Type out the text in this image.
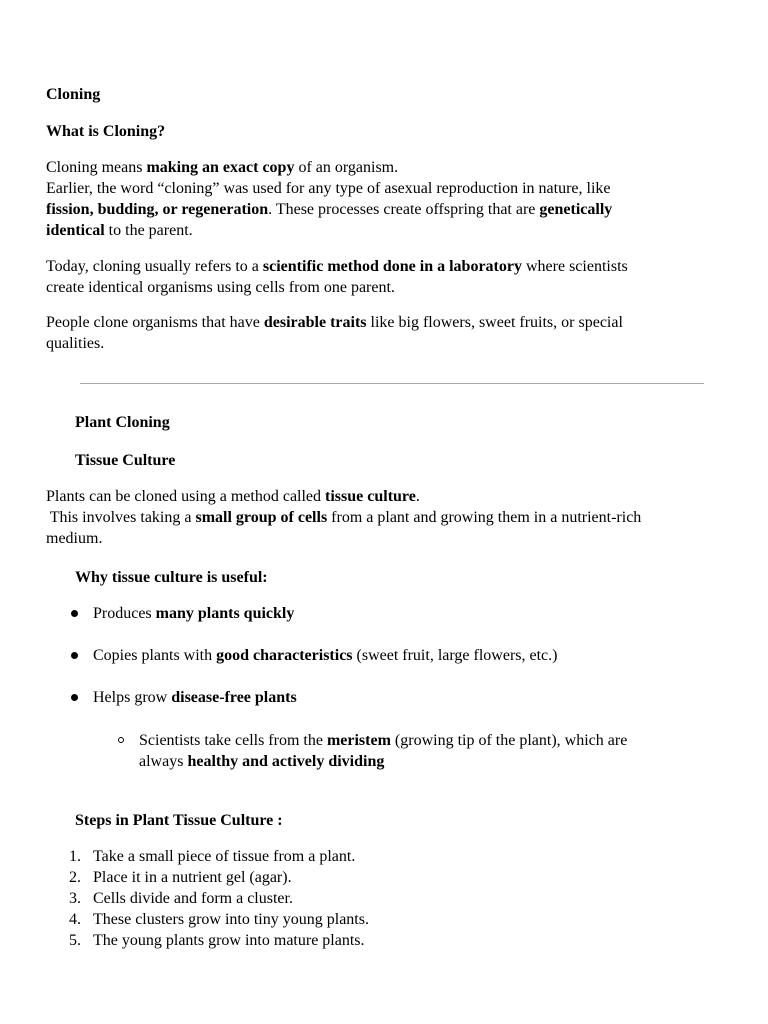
Cloning

What is Cloning?

Cloning means making an exact copy of an organism.

Earlier, the word “cloning” was used for any type of asexual reproduction in nature, like

fission, budding, or regeneration. These processes create offspring that are genetically

identical to the parent.

Today, cloning usually refers to a scientific method done in a laboratory where scientists

create identical organisms using cells from one parent.

People clone organisms that have desirable traits like big flowers, sweet fruits, or special

qualities.

Plant Cloning

Tissue Culture

Plants can be cloned using a method called tissue culture.

This involves taking a small group of cells from a plant and growing them in a nutrient-rich

medium.

Why tissue culture is useful:

Produces many plants quickly

Copies plants with good characteristics (sweet fruit, large flowers, etc.)

Helps grow disease-free plants

Scientists take cells from the meristem (growing tip of the plant), which are

always healthy and actively dividing

Steps in Plant Tissue Culture :

1. Take a small piece of tissue from a plant.

2. Place it in a nutrient gel (agar).

3. Cells divide and form a cluster.

4. These clusters grow into tiny young plants.

5. The young plants grow into mature plants.
